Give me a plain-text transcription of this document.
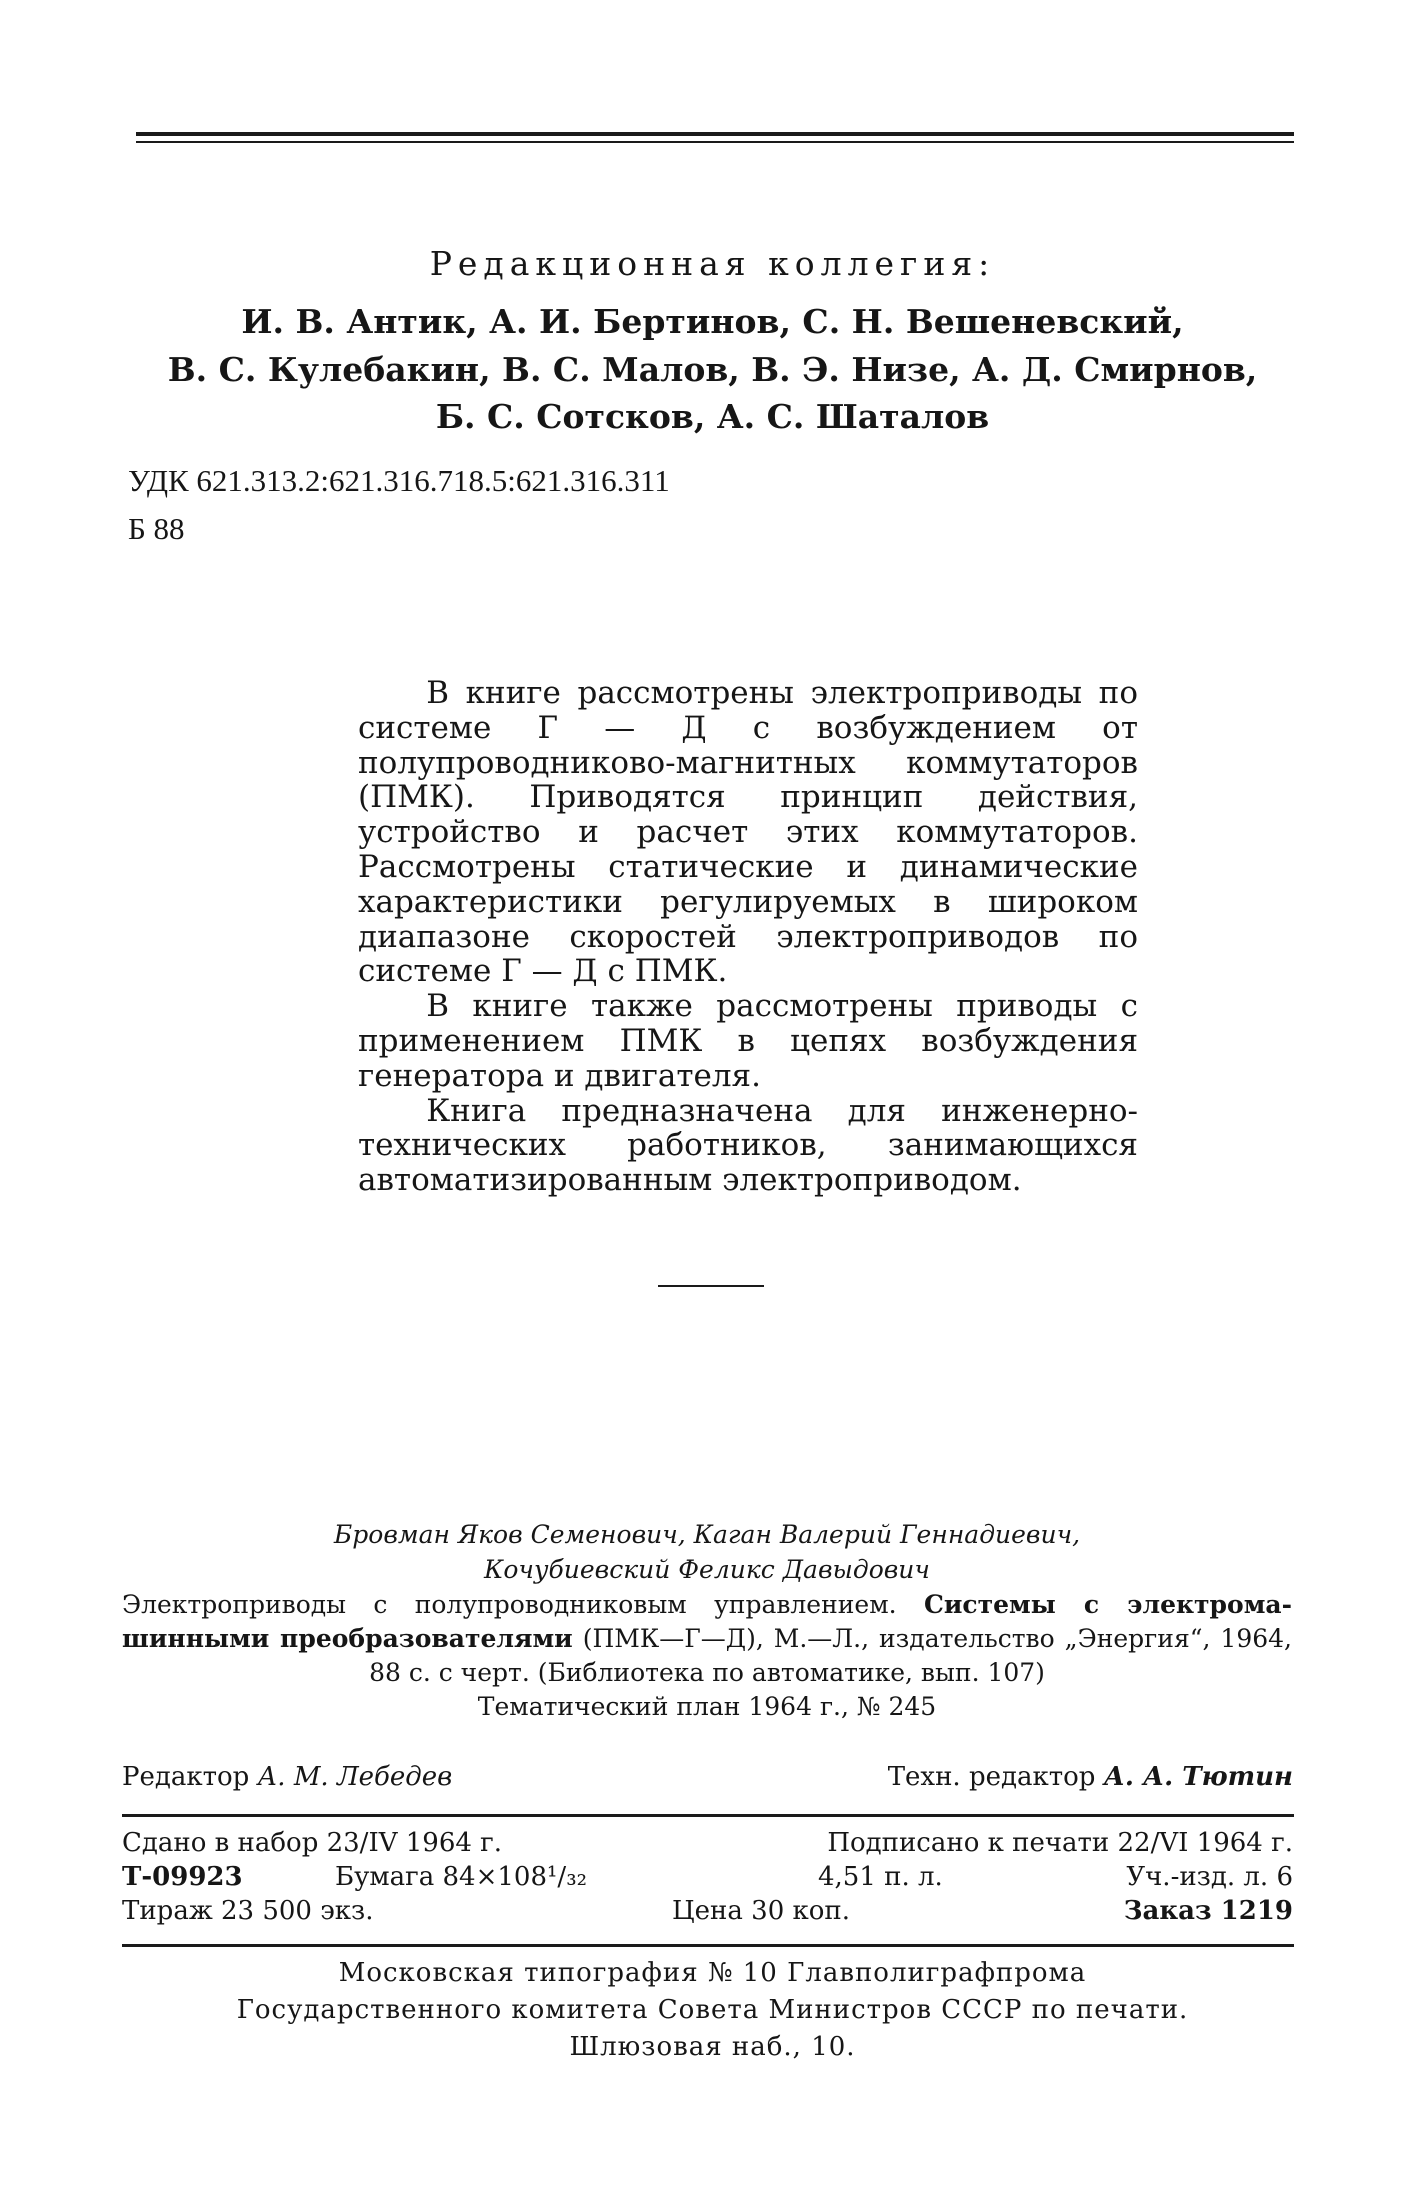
Редакционная коллегия:
И. В. Антик, А. И. Бертинов, С. Н. Вешеневский,
В. С. Кулебакин, В. С. Малов, В. Э. Низе, А. Д. Смирнов,
Б. С. Сотсков, А. С. Шаталов
УДК 621.313.2:621.316.718.5:621.316.311
Б 88

В книге рассмотрены электроприводы по системе Г — Д с возбуждением от полупроводниково-магнитных коммутаторов (ПМК). Приводятся принцип действия, устройство и расчет этих коммутаторов. Рассмотрены статические и динамические характеристики регулируемых в широком диапазоне скоростей электроприводов по системе Г — Д с ПМК.

В книге также рассмотрены приводы с применением ПМК в цепях возбуждения генератора и двигателя.

Книга предназначена для инженерно-технических работников, занимающихся автоматизированным электроприводом.

Бровман Яков Семенович, Каган Валерий Геннадиевич,
Кочубиевский Феликс Давыдович
Электроприводы с полупроводниковым управлением. Системы с электромашинными преобразователями (ПМК—Г—Д), М.—Л., издательство „Энергия“, 1964, 88 с. с черт. (Библиотека по автоматике, вып. 107)
Тематический план 1964 г., № 245
Редактор А. М. Лебедев	Техн. редактор А. А. Тютин
Сдано в набор 23/IV 1964 г.	Подписано к печати 22/VI 1964 г.
Т-09923	Бумага 84×108¹/₃₂	4,51 п. л.	Уч.-изд. л. 6
Тираж 23 500 экз.	Цена 30 коп.	Заказ 1219
Московская типография № 10 Главполиграфпрома
Государственного комитета Совета Министров СССР по печати.
Шлюзовая наб., 10.
